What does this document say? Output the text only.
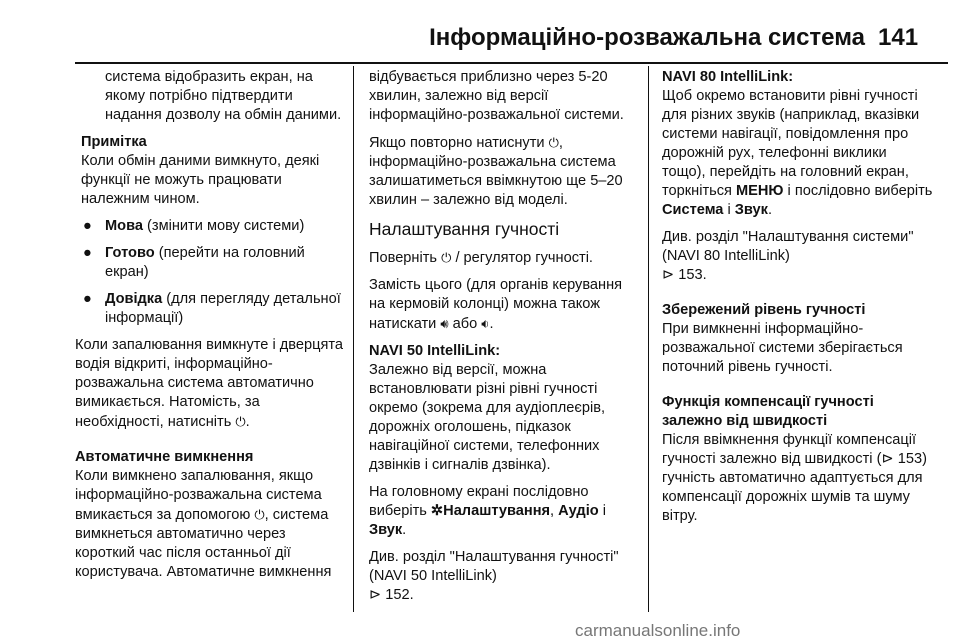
Інформаційно-розважальна система 141

система відобразить екран, на якому потрібно підтвердити надання дозволу на обмін даними.

Примітка
Коли обмін даними вимкнуто, деякі функції не можуть працювати належним чином.
● Мова (змінити мову системи)
● Готово (перейти на головний екран)
● Довідка (для перегляду детальної інформації)

Коли запалювання вимкнуте і дверцята водія відкриті, інформаційно-розважальна система автоматично вимикається. Натомість, за необхідності, натисніть ⏻.

Автоматичне вимкнення

Коли вимкнено запалювання, якщо інформаційно-розважальна система вмикається за допомогою ⏻, система вимкнеться автоматично через короткий час після останньої дії користувача. Автоматичне вимкнення

відбувається приблизно через 5-20 хвилин, залежно від версії інформаційно-розважальної системи.

Якщо повторно натиснути ⏻, інформаційно-розважальна система залишатиметься ввімкнутою ще 5–20 хвилин – залежно від моделі.

Налаштування гучності

Поверніть ⏻ / регулятор гучності.

Замість цього (для органів керування на кермовій колонці) можна також натискати 🔊︎ або 🔉︎.

NAVI 50 IntelliLink:

Залежно від версії, можна встановлювати різні рівні гучності окремо (зокрема для аудіоплеєрів, дорожніх оголошень, підказок навігаційної системи, телефонних дзвінків і сигналів дзвінка).

На головному екрані послідовно виберіть ✲Налаштування, Аудіо і Звук.

Див. розділ "Налаштування гучності" (NAVI 50 IntelliLink)
⊳ 152.

NAVI 80 IntelliLink:

Щоб окремо встановити рівні гучності для різних звуків (наприклад, вказівки системи навігації, повідомлення про дорожній рух, телефонні виклики тощо), перейдіть на головний екран, торкніться МЕНЮ і послідовно виберіть Система і Звук.

Див. розділ "Налаштування системи" (NAVI 80 IntelliLink)
⊳ 153.

Збережений рівень гучності

При вимкненні інформаційно-розважальної системи зберігається поточний рівень гучності.

Функція компенсації гучності залежно від швидкості

Після ввімкнення функції компенсації гучності залежно від швидкості (⊳ 153) гучність автоматично адаптується для компенсації дорожніх шумів та шуму вітру.

carmanualsonline.info
